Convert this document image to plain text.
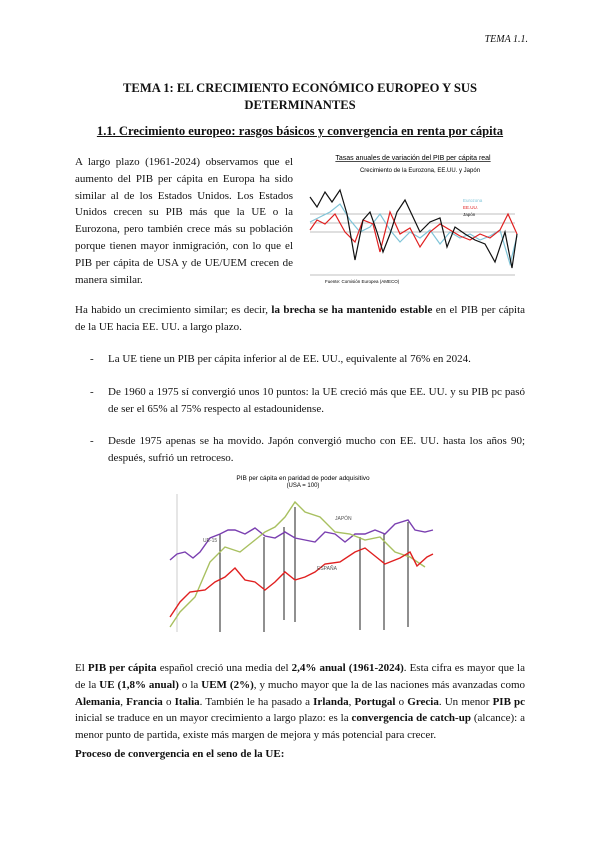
TEMA 1.1.
TEMA 1: EL CRECIMIENTO ECONÓMICO EUROPEO Y SUS
DETERMINANTES
1.1. Crecimiento europeo: rasgos básicos y convergencia en renta por cápita

A largo plazo (1961-2024) observamos que el aumento del PIB per cápita en Europa ha sido similar al de los Estados Unidos. Los Estados Unidos crecen su PIB más que la UE o la Eurozona, pero también crece más su población porque tienen mayor inmigración, con lo que el PIB per cápita de USA y de UE/UEM crecen de manera similar.

Tasas anuales de variación del PIB per cápita real
Crecimiento de la Eurozona, EE.UU. y Japón
Eurozona
EE.UU.
Japón
Fuente: Comisión Europea (AMECO)

Ha habido un crecimiento similar; es decir, la brecha se ha mantenido estable en el PIB per cápita de la UE hacia EE. UU. a largo plazo.

- La UE tiene un PIB per cápita inferior al de EE. UU., equivalente al 76% en 2024.
- De 1960 a 1975 sí convergió unos 10 puntos: la UE creció más que EE. UU. y su PIB pc pasó de ser el 65% al 75% respecto al estadounidense.
- Desde 1975 apenas se ha movido. Japón convergió mucho con EE. UU. hasta los años 90; después, sufrió un retroceso.
PIB per cápita en paridad de poder adquisitivo
(USA = 100)
UE-15
JAPÓN
ESPAÑA

El PIB per cápita español creció una media del 2,4% anual (1961-2024). Esta cifra es mayor que la de la UE (1,8% anual) o la UEM (2%), y mucho mayor que la de las naciones más avanzadas como Alemania, Francia o Italia. También le ha pasado a Irlanda, Portugal o Grecia. Un menor PIB pc inicial se traduce en un mayor crecimiento a largo plazo: es la convergencia de catch-up (alcance): a menor punto de partida, existe más margen de mejora y más potencial para crecer.

Proceso de convergencia en el seno de la UE:
